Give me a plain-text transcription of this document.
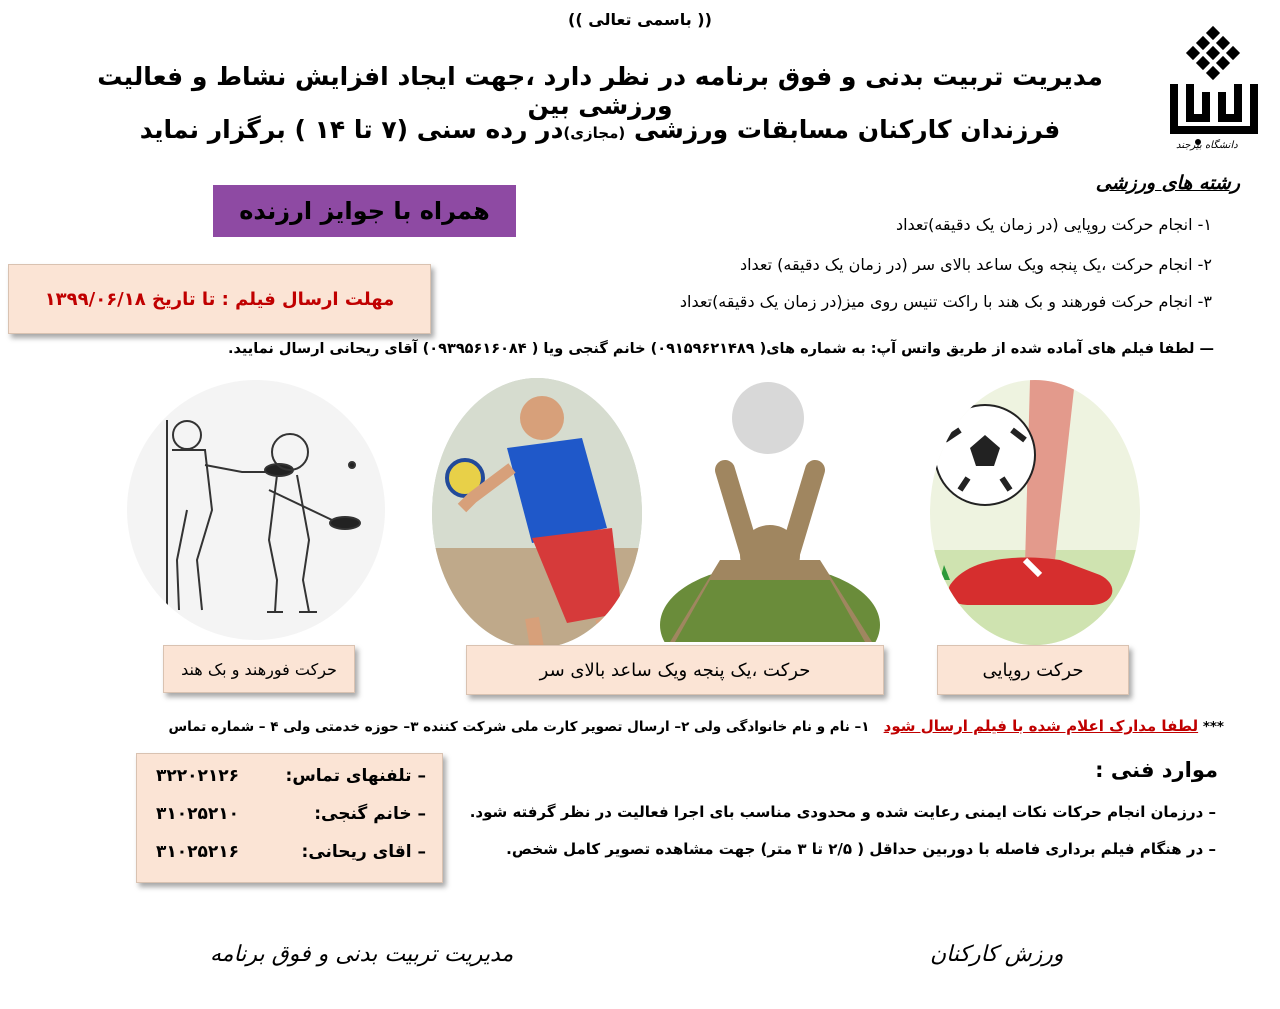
(( باسمی تعالی ))
مدیریت تربیت بدنی و فوق برنامه در نظر دارد ،جهت ایجاد افزایش نشاط و فعالیت ورزشی بین
فرزندان کارکنان مسابقات ورزشی (مجازی)در رده سنی (۷ تا ۱۴ ) برگزار نماید
دانشگاه بیرجند
رشته های ورزشی
۱- انجام حرکت روپایی (در زمان یک دقیقه)تعداد
۲- انجام حرکت ،یک پنجه ویک ساعد بالای سر (در زمان یک دقیقه) تعداد
۳- انجام حرکت فورهند و بک هند با راکت تنیس روی میز(در زمان یک دقیقه)تعداد
همراه با جوایز ارزنده
مهلت ارسال فیلم : تا تاریخ ۱۳۹۹/۰۶/۱۸
— لطفا فیلم های آماده شده از طریق واتس آپ: به شماره های( ۰۹۱۵۹۶۲۱۴۸۹) خانم گنجی ویا ( ۰۹۳۹۵۶۱۶۰۸۴) آقای ریحانی ارسال نمایید.
حرکت فورهند و بک هند	حرکت ،یک پنجه ویک ساعد بالای سر	حرکت روپایی
*** لطفا مدارک اعلام شده با فیلم ارسال شود   ۱– نام و نام خانوادگی ولی ۲– ارسال تصویر کارت ملی شرکت کننده ۳– حوزه خدمتی ولی ۴ – شماره تماس
– تلفنهای تماس:
۳۲۲۰۲۱۲۶
– خانم گنجی:
۳۱۰۲۵۲۱۰
– اقای ریحانی:
۳۱۰۲۵۲۱۶
موارد فنی :
– درزمان انجام حرکات نکات ایمنی رعایت شده و محدودی مناسب بای اجرا فعالیت در نظر گرفته شود.
– در هنگام فیلم برداری فاصله با دوربین حداقل ( ۲/۵ تا ۳ متر) جهت مشاهده تصویر کامل شخص.
ورزش کارکنان
مدیریت تربیت بدنی و فوق برنامه
